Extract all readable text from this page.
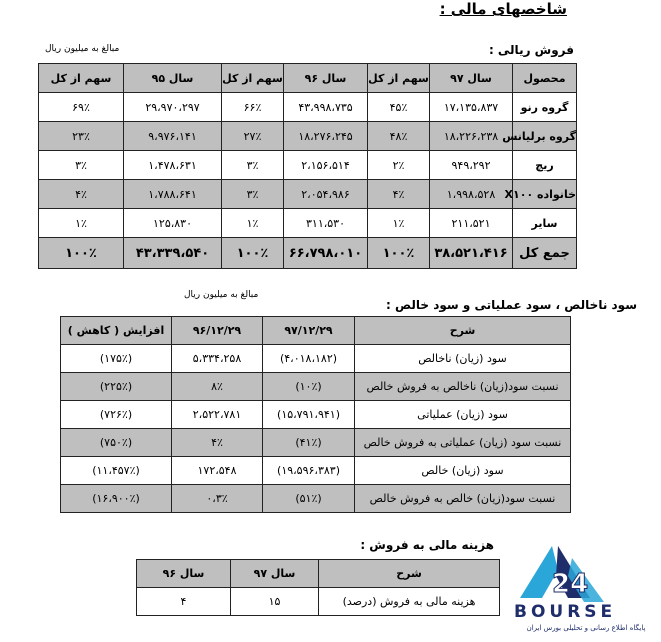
شاخصهای مالی :
فروش ریالی :
مبالغ به میلیون ریال
محصول	سال ۹۷	سهم از کل	سال ۹۶	سهم از کل	سال ۹۵	سهم از کل
گروه رنو	۱۷،۱۳۵،۸۳۷	۴۵٪	۴۳،۹۹۸،۷۳۵	۶۶٪	۲۹،۹۷۰،۲۹۷	۶۹٪
گروه برلیانس	۱۸،۲۲۶،۲۳۸	۴۸٪	۱۸،۲۷۶،۲۴۵	۲۷٪	۹،۹۷۶،۱۴۱	۲۳٪
ریچ	۹۴۹،۲۹۲	۲٪	۲،۱۵۶،۵۱۴	۳٪	۱،۴۷۸،۶۳۱	۳٪
خانواده X۱۰۰	۱،۹۹۸،۵۲۸	۴٪	۲،۰۵۴،۹۸۶	۳٪	۱،۷۸۸،۶۴۱	۴٪
سایر	۲۱۱،۵۲۱	۱٪	۳۱۱،۵۳۰	۱٪	۱۲۵،۸۳۰	۱٪
جمع کل	۳۸،۵۲۱،۴۱۶	۱۰۰٪	۶۶،۷۹۸،۰۱۰	۱۰۰٪	۴۳،۳۳۹،۵۴۰	۱۰۰٪
مبالغ به میلیون ریال
سود ناخالص ، سود عملیاتی و سود خالص :
شرح	۹۷/۱۲/۲۹	۹۶/۱۲/۲۹	افزایش ( کاهش )
سود (زیان) ناخالص	(۴،۰۱۸،۱۸۲)	۵،۳۳۴،۲۵۸	(۱۷۵٪)
نسبت سود(زیان) ناخالص به فروش خالص	(۱۰٪)	۸٪	(۲۲۵٪)
سود (زیان) عملیاتی	(۱۵،۷۹۱،۹۴۱)	۲،۵۲۲،۷۸۱	(۷۲۶٪)
نسبت سود (زیان) عملیاتی به فروش خالص	(۴۱٪)	۴٪	(۷۵۰٪)
سود (زیان) خالص	(۱۹،۵۹۶،۳۸۳)	۱۷۲،۵۴۸	(۱۱،۴۵۷٪)
نسبت سود(زیان) خالص به فروش خالص	(۵۱٪)	۰،۳٪	(۱۶،۹۰۰٪)
هزینه مالی به فروش :
شرح	سال ۹۷	سال ۹۶
هزینه مالی به فروش (درصد)	۱۵	۴
24
BOURSE
پایگاه اطلاع رسانی و تحلیلی بورس ایران
